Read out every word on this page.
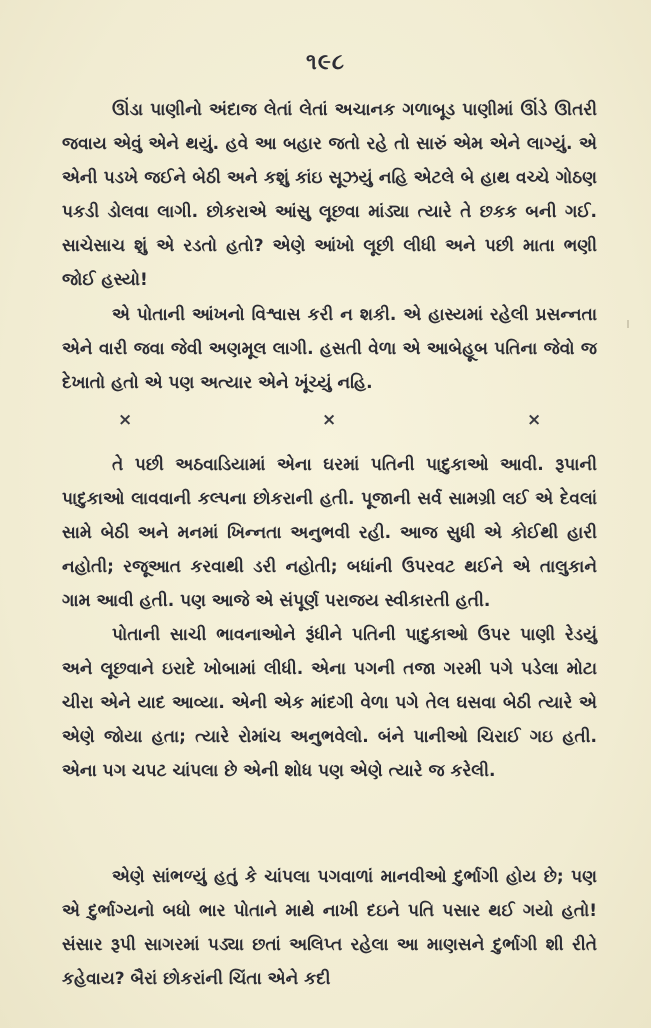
૧૯૮

ઊંડા પાણીનો અંદાજ લેતાં લેતાં અચાનક ગળાબૂડ પાણીમાં ઊંડે ઊતરી જવાય એવું એને થયું. હવે આ બહાર જતો રહે તો સારું એમ એને લાગ્યું. એ એની પડખે જઈને બેઠી અને કશું કાંઇ સૂઝયું નહિ એટલે બે હાથ વચ્ચે ગોઠણ પકડી ડોલવા લાગી. છોકરાએ આંસુ લૂછવા માંડ્યા ત્યારે તે છકક બની ગઈ. સાચેસાચ શું એ રડતો હતો? એણે આંખો લૂછી લીધી અને પછી માતા ભણી જોઈ હસ્યો!

એ પોતાની આંખનો વિશ્વાસ કરી ન શકી. એ હાસ્યમાં રહેલી પ્રસન્નતા એને વારી જવા જેવી અણમૂલ લાગી. હસતી વેળા એ આબેહૂબ પતિના જેવો જ દેખાતો હતો એ પણ અત્યાર એને ખૂંચ્યું નહિ.

×	×	×

તે પછી અઠવાડિયામાં એના ઘરમાં પતિની પાદુકાઓ આવી. રૂપાની પાદુકાઓ લાવવાની કલ્પના છોકરાની હતી. પૂજાની સર્વ સામગ્રી લઈ એ દેવલાં સામે બેઠી અને મનમાં ખિન્નતા અનુભવી રહી. આજ સુધી એ કોઈથી હારી નહોતી; રજૂઆત કરવાથી ડરી નહોતી; બધાંની ઉપરવટ થઈને એ તાલુકાને ગામ આવી હતી. પણ આજે એ સંપૂર્ણ પરાજય સ્વીકારતી હતી.

પોતાની સાચી ભાવનાઓને રૂંધીને પતિની પાદુકાઓ ઉપર પાણી રેડયું અને લૂછવાને ઇરાદે ખોબામાં લીધી. એના પગની તજા ગરમી પગે પડેલા મોટા ચીરા એને યાદ આવ્યા. એની એક માંદગી વેળા પગે તેલ ઘસવા બેઠી ત્યારે એ એણે જોયા હતા; ત્યારે રોમાંચ અનુભવેલો. બંને પાનીઓ ચિરાઈ ગઇ હતી. એના પગ ચપટ ચાંપલા છે એની શોધ પણ એણે ત્યારે જ કરેલી.

એણે સાંભળ્યું હતું કે ચાંપલા પગવાળાં માનવીઓ દુર્ભાગી હોય છે; પણ એ દુર્ભાગ્યનો બધો ભાર પોતાને માથે નાખી દઇને પતિ પસાર થઈ ગયો હતો! સંસાર રૂપી સાગરમાં પડ્યા છતાં અલિપ્ત રહેલા આ માણસને દુર્ભાગી શી રીતે કહેવાય? બૈરાં છોકરાંની ચિંતા એને કદી
